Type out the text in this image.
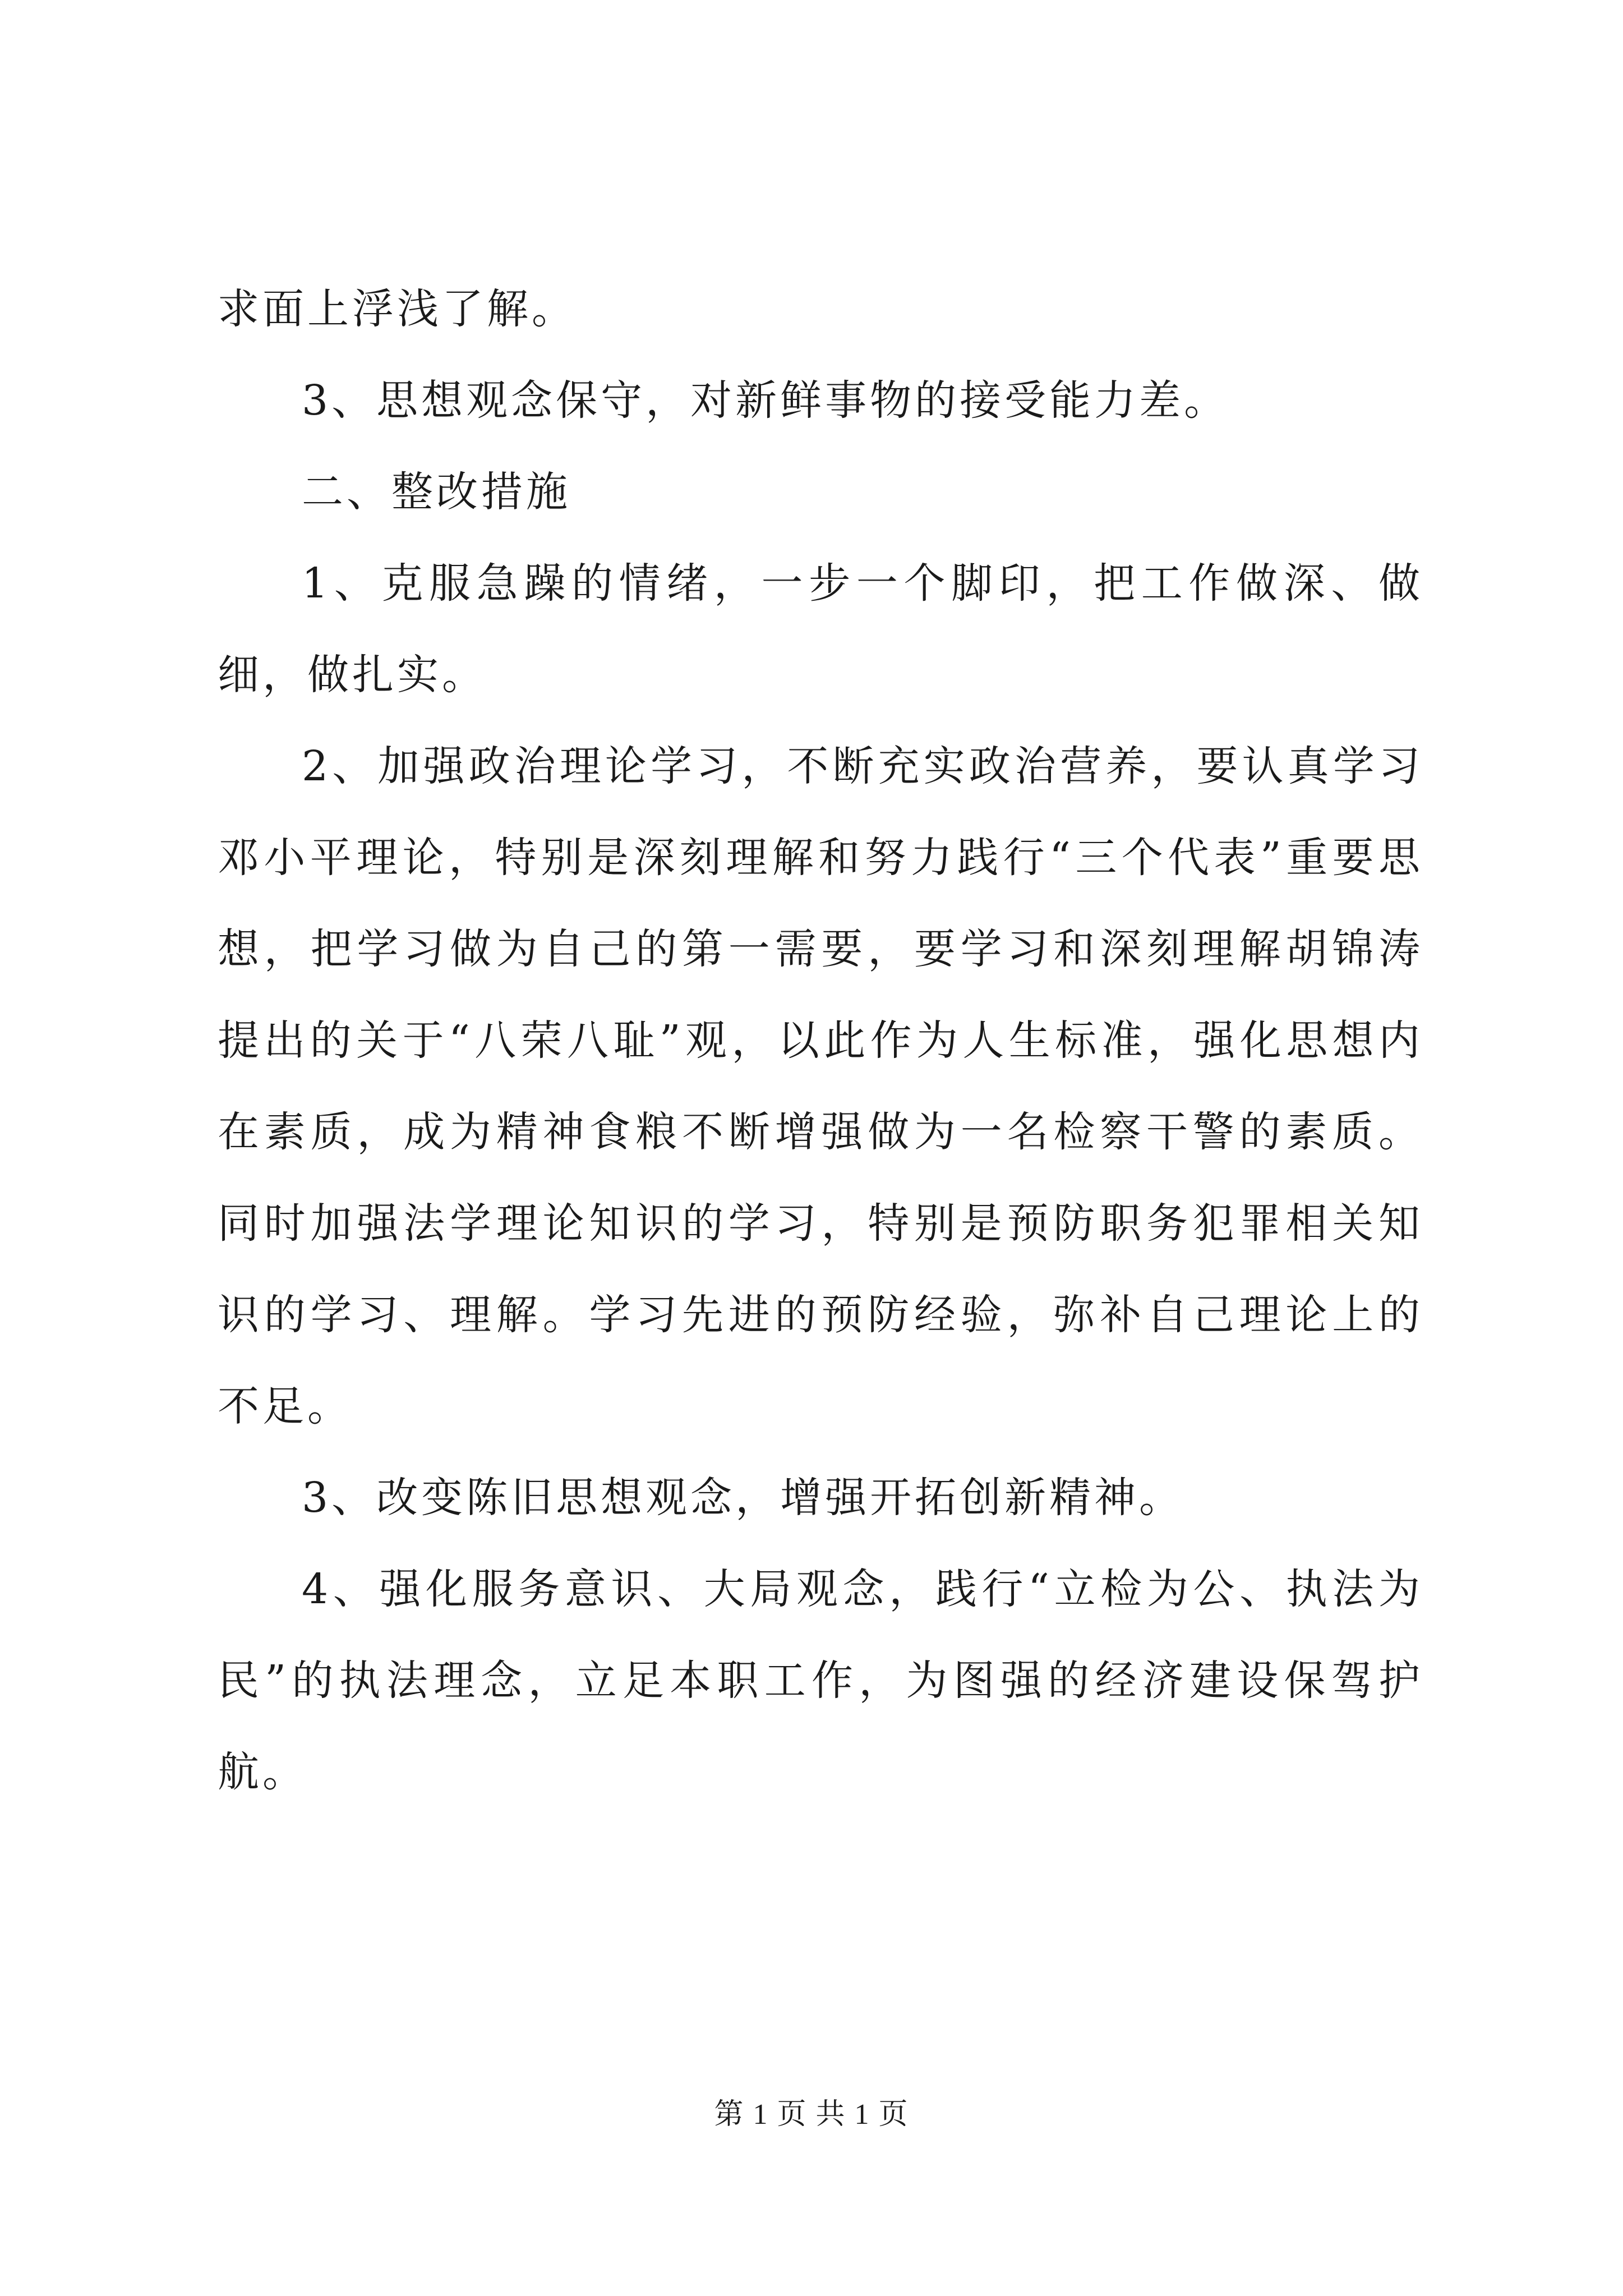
求面上浮浅了解。

3、思想观念保守，对新鲜事物的接受能力差。

二、整改措施

1、克服急躁的情绪，一步一个脚印，把工作做深、做细，做扎实。

2、加强政治理论学习，不断充实政治营养，要认真学习邓小平理论，特别是深刻理解和努力践行“三个代表”重要思想，把学习做为自己的第一需要，要学习和深刻理解胡锦涛提出的关于“八荣八耻”观，以此作为人生标准，强化思想内在素质，成为精神食粮不断增强做为一名检察干警的素质。同时加强法学理论知识的学习，特别是预防职务犯罪相关知识的学习、理解。学习先进的预防经验，弥补自己理论上的不足。

3、改变陈旧思想观念，增强开拓创新精神。

4、强化服务意识、大局观念，践行“立检为公、执法为民”的执法理念，立足本职工作，为图强的经济建设保驾护航。

第 1 页 共 1 页
